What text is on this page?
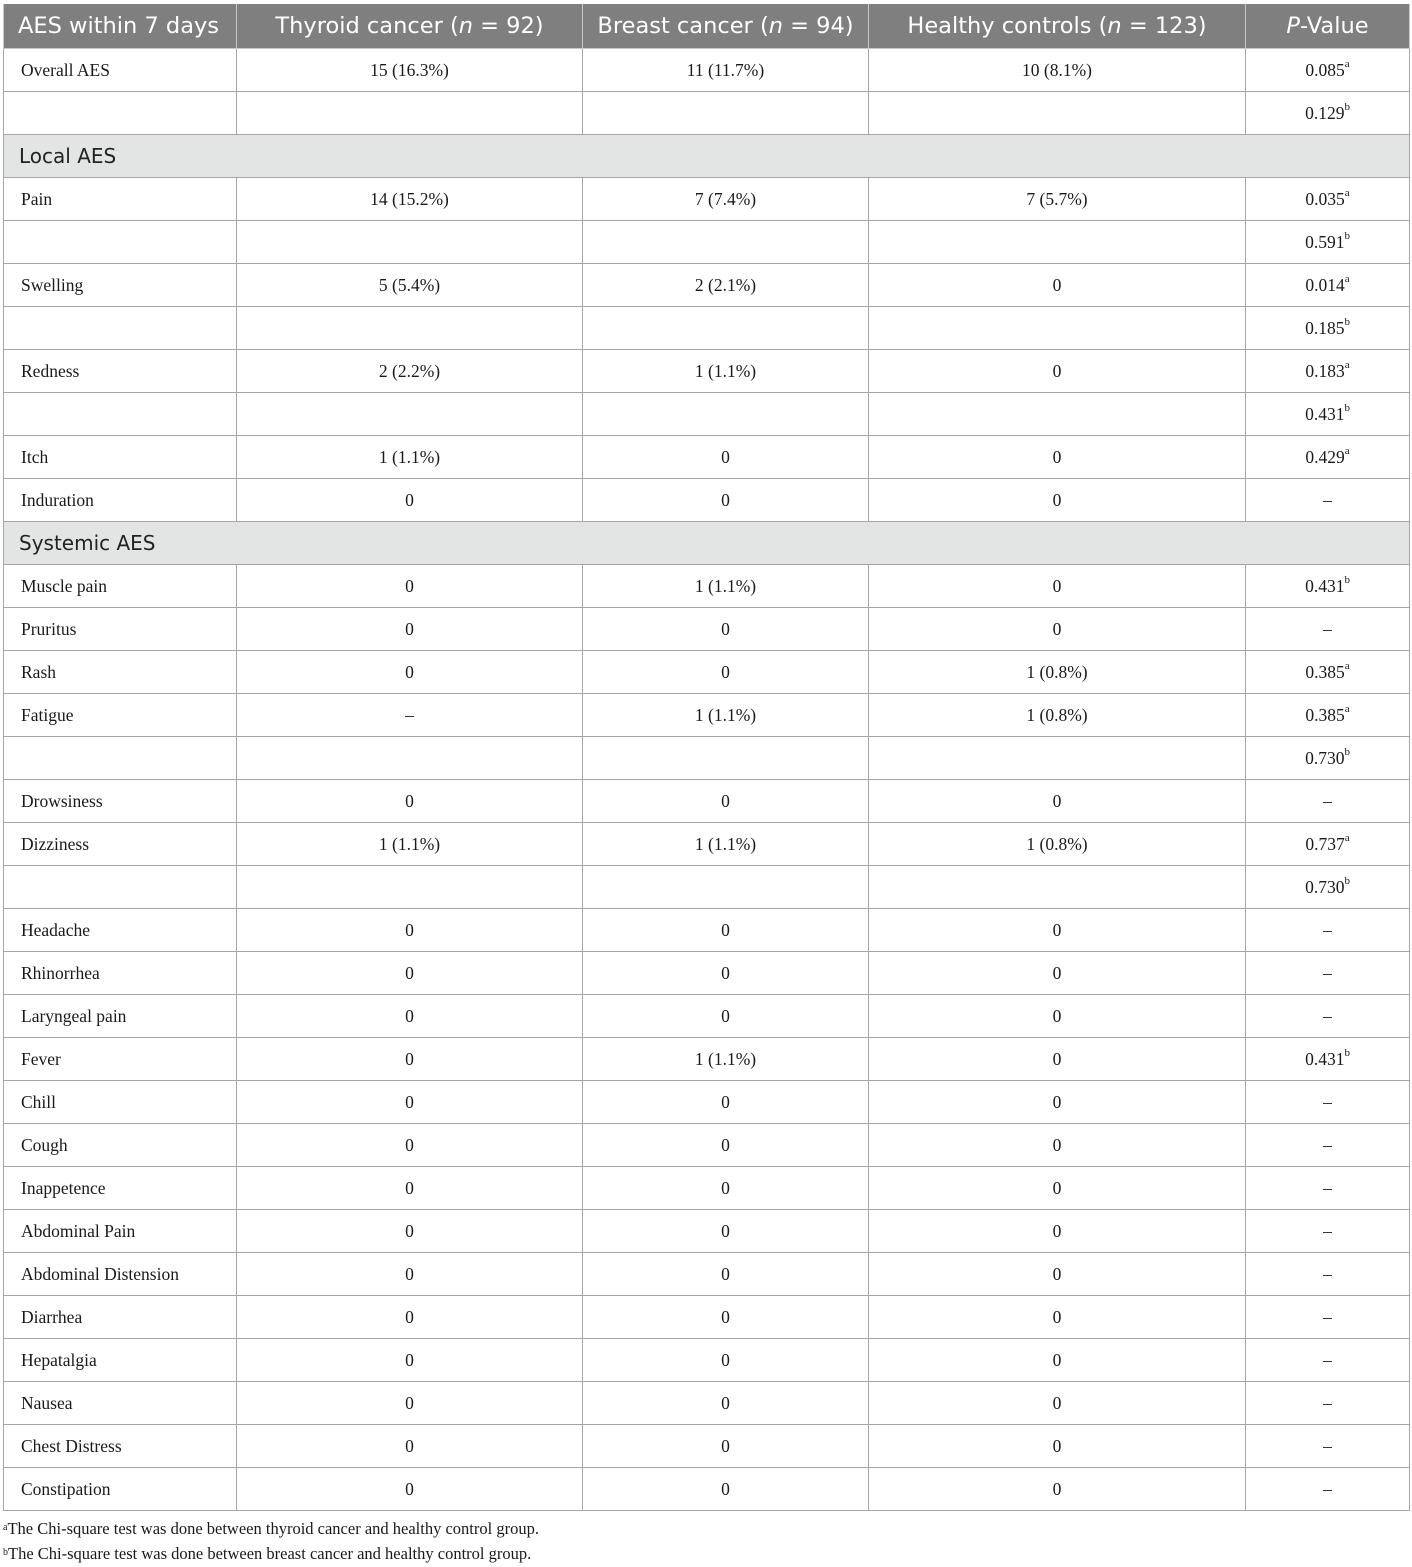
AES within 7 days	Thyroid cancer (n = 92)	Breast cancer (n = 94)	Healthy controls (n = 123)	P-Value
Overall AES	15 (16.3%)	11 (11.7%)	10 (8.1%)	0.085$^a$
				0.129$^b$
Local AES				
Pain	14 (15.2%)	7 (7.4%)	7 (5.7%)	0.035$^a$
				0.591$^b$
Swelling	5 (5.4%)	2 (2.1%)	0	0.014$^a$
				0.185$^b$
Redness	2 (2.2%)	1 (1.1%)	0	0.183$^a$
				0.431$^b$
Itch	1 (1.1%)	0	0	0.429$^a$
Induration	0	0	0	–
Systemic AES				
Muscle pain	0	1 (1.1%)	0	0.431$^b$
Pruritus	0	0	0	–
Rash	0	0	1 (0.8%)	0.385$^a$
Fatigue	–	1 (1.1%)	1 (0.8%)	0.385$^a$
				0.730$^b$
Drowsiness	0	0	0	–
Dizziness	1 (1.1%)	1 (1.1%)	1 (0.8%)	0.737$^a$
				0.730$^b$
Headache	0	0	0	–
Rhinorrhea	0	0	0	–
Laryngeal pain	0	0	0	–
Fever	0	1 (1.1%)	0	0.431$^b$
Chill	0	0	0	–
Cough	0	0	0	–
Inappetence	0	0	0	–
Abdominal Pain	0	0	0	–
Abdominal Distension	0	0	0	–
Diarrhea	0	0	0	–
Hepatalgia	0	0	0	–
Nausea	0	0	0	–
Chest Distress	0	0	0	–
Constipation	0	0	0	–
$^a$The Chi-square test was done between thyroid cancer and healthy control group.
$^b$The Chi-square test was done between breast cancer and healthy control group.
